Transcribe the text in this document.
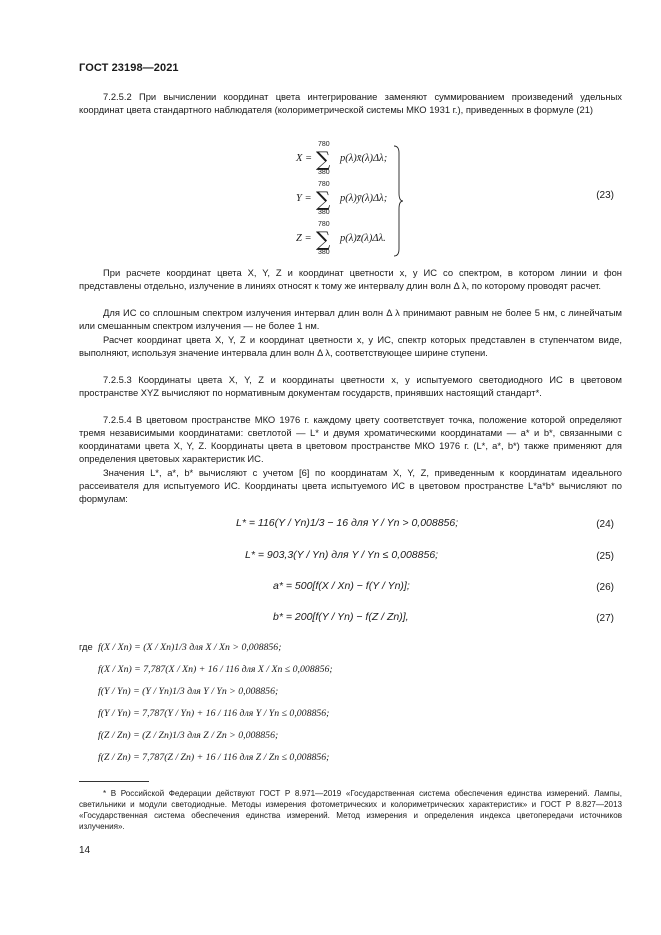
ГОСТ 23198—2021

7.2.5.2 При вычислении координат цвета интегрирование заменяют суммированием произведений удельных координат цвета стандартного наблюдателя (колориметрической системы МКО 1931 г.), приведенных в формуле (21)

X =
780
∑
380
p(λ)x̄(λ)Δλ;
Y =
780
∑
380
p(λ)ȳ(λ)Δλ;
Z =
780
∑
380
p(λ)z̄(λ)Δλ.
(23)

При расчете координат цвета X, Y, Z и координат цветности x, y ИС со спектром, в котором линии и фон представлены отдельно, излучение в линиях относят к тому же интервалу длин волн Δ λ, по которому проводят расчет.

Для ИС со сплошным спектром излучения интервал длин волн Δ λ принимают равным не более 5 нм, с линейчатым или смешанным спектром излучения — не более 1 нм.

Расчет координат цвета X, Y, Z и координат цветности x, y ИС, спектр которых представлен в ступенчатом виде, выполняют, используя значение интервала длин волн Δ λ, соответствующее ширине ступени.

7.2.5.3 Координаты цвета X, Y, Z и координаты цветности x, y испытуемого светодиодного ИС в цветовом пространстве XYZ вычисляют по нормативным документам государств, принявших настоящий стандарт*.

7.2.5.4 В цветовом пространстве МКО 1976 г. каждому цвету соответствует точка, положение которой определяют тремя независимыми координатами: светлотой — L* и двумя хроматическими координатами — a* и b*, связанными с координатами цвета X, Y, Z. Координаты цвета в цветовом пространстве МКО 1976 г. (L*, a*, b*) также применяют для определения цветовых характеристик ИС.

Значения L*, a*, b* вычисляют с учетом [6] по координатам X, Y, Z, приведенным к координатам идеального рассеивателя для испытуемого ИС. Координаты цвета испытуемого ИС в цветовом пространстве L*a*b* вычисляют по формулам:

L* = 116(Y / Yn)1/3 − 16 для Y / Yn > 0,008856;	(24)
L* = 903,3(Y / Yn) для Y / Yn ≤ 0,008856;	(25)
a* = 500[f(X / Xn) − f(Y / Yn)];	(26)
b* = 200[f(Y / Yn) − f(Z / Zn)],	(27)
где f(X / Xn) = (X / Xn)1/3 для X / Xn > 0,008856;
f(X / Xn) = 7,787(X / Xn) + 16 / 116 для X / Xn ≤ 0,008856;
f(Y / Yn) = (Y / Yn)1/3 для Y / Yn > 0,008856;
f(Y / Yn) = 7,787(Y / Yn) + 16 / 116 для Y / Yn ≤ 0,008856;
f(Z / Zn) = (Z / Zn)1/3 для Z / Zn > 0,008856;
f(Z / Zn) = 7,787(Z / Zn) + 16 / 116 для Z / Zn ≤ 0,008856;

* В Российской Федерации действуют ГОСТ Р 8.971—2019 «Государственная система обеспечения единства измерений. Лампы, светильники и модули светодиодные. Методы измерения фотометрических и колориметрических характеристик» и ГОСТ Р 8.827—2013 «Государственная система обеспечения единства измерений. Метод измерения и определения индекса цветопередачи источников излучения».

14
